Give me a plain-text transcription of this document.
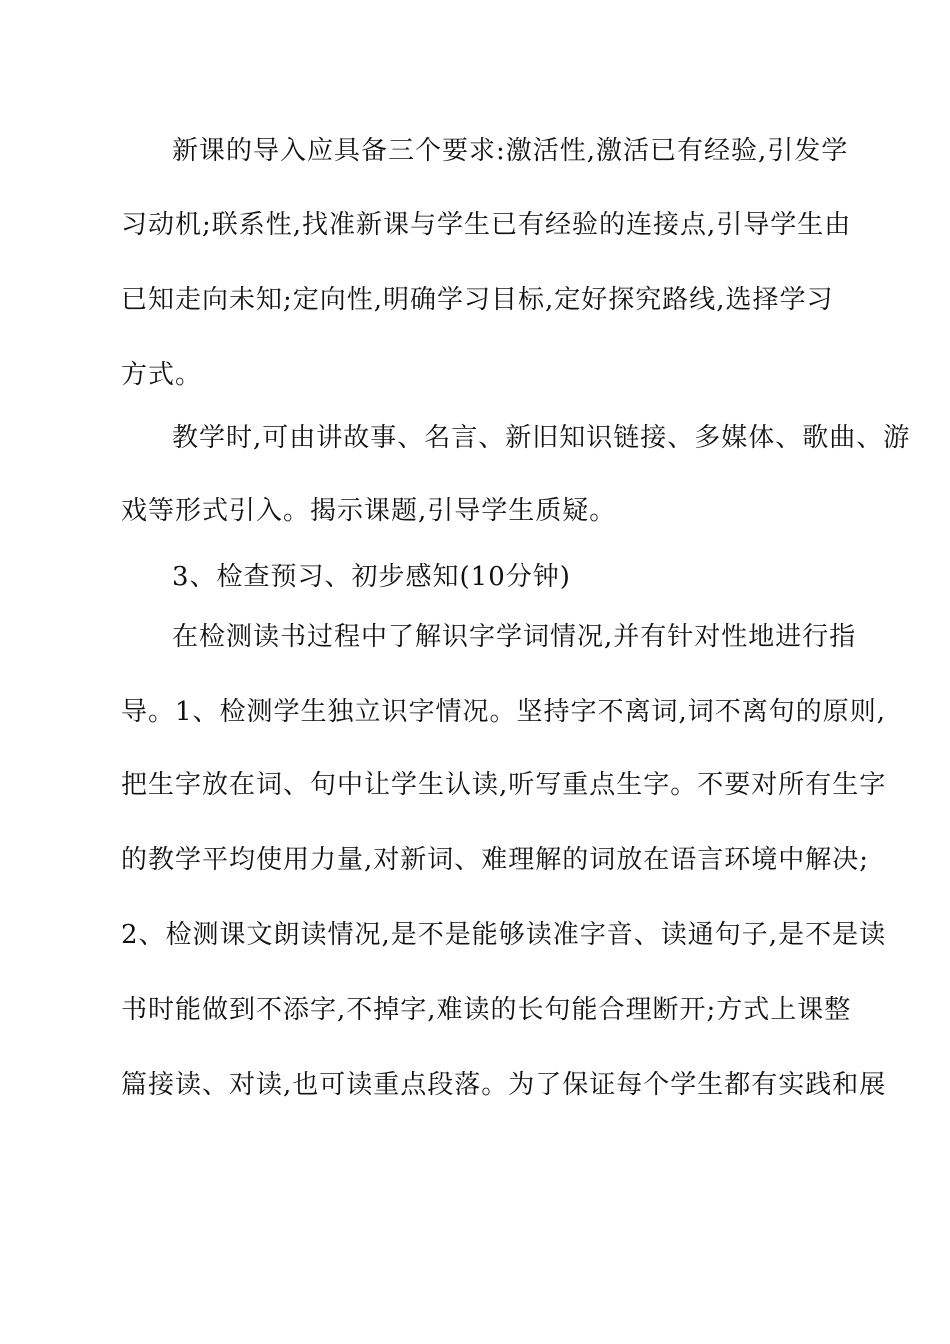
新课的导入应具备三个要求:激活性,激活已有经验,引发学
习动机;联系性,找准新课与学生已有经验的连接点,引导学生由
已知走向未知;定向性,明确学习目标,定好探究路线,选择学习
方式。
教学时,可由讲故事、名言、新旧知识链接、多媒体、歌曲、游
戏等形式引入。揭示课题,引导学生质疑。
3、检查预习、初步感知(10分钟)
在检测读书过程中了解识字学词情况,并有针对性地进行指
导。1、检测学生独立识字情况。坚持字不离词,词不离句的原则,
把生字放在词、句中让学生认读,听写重点生字。不要对所有生字
的教学平均使用力量,对新词、难理解的词放在语言环境中解决;
2、检测课文朗读情况,是不是能够读准字音、读通句子,是不是读
书时能做到不添字,不掉字,难读的长句能合理断开;方式上课整
篇接读、对读,也可读重点段落。为了保证每个学生都有实践和展
